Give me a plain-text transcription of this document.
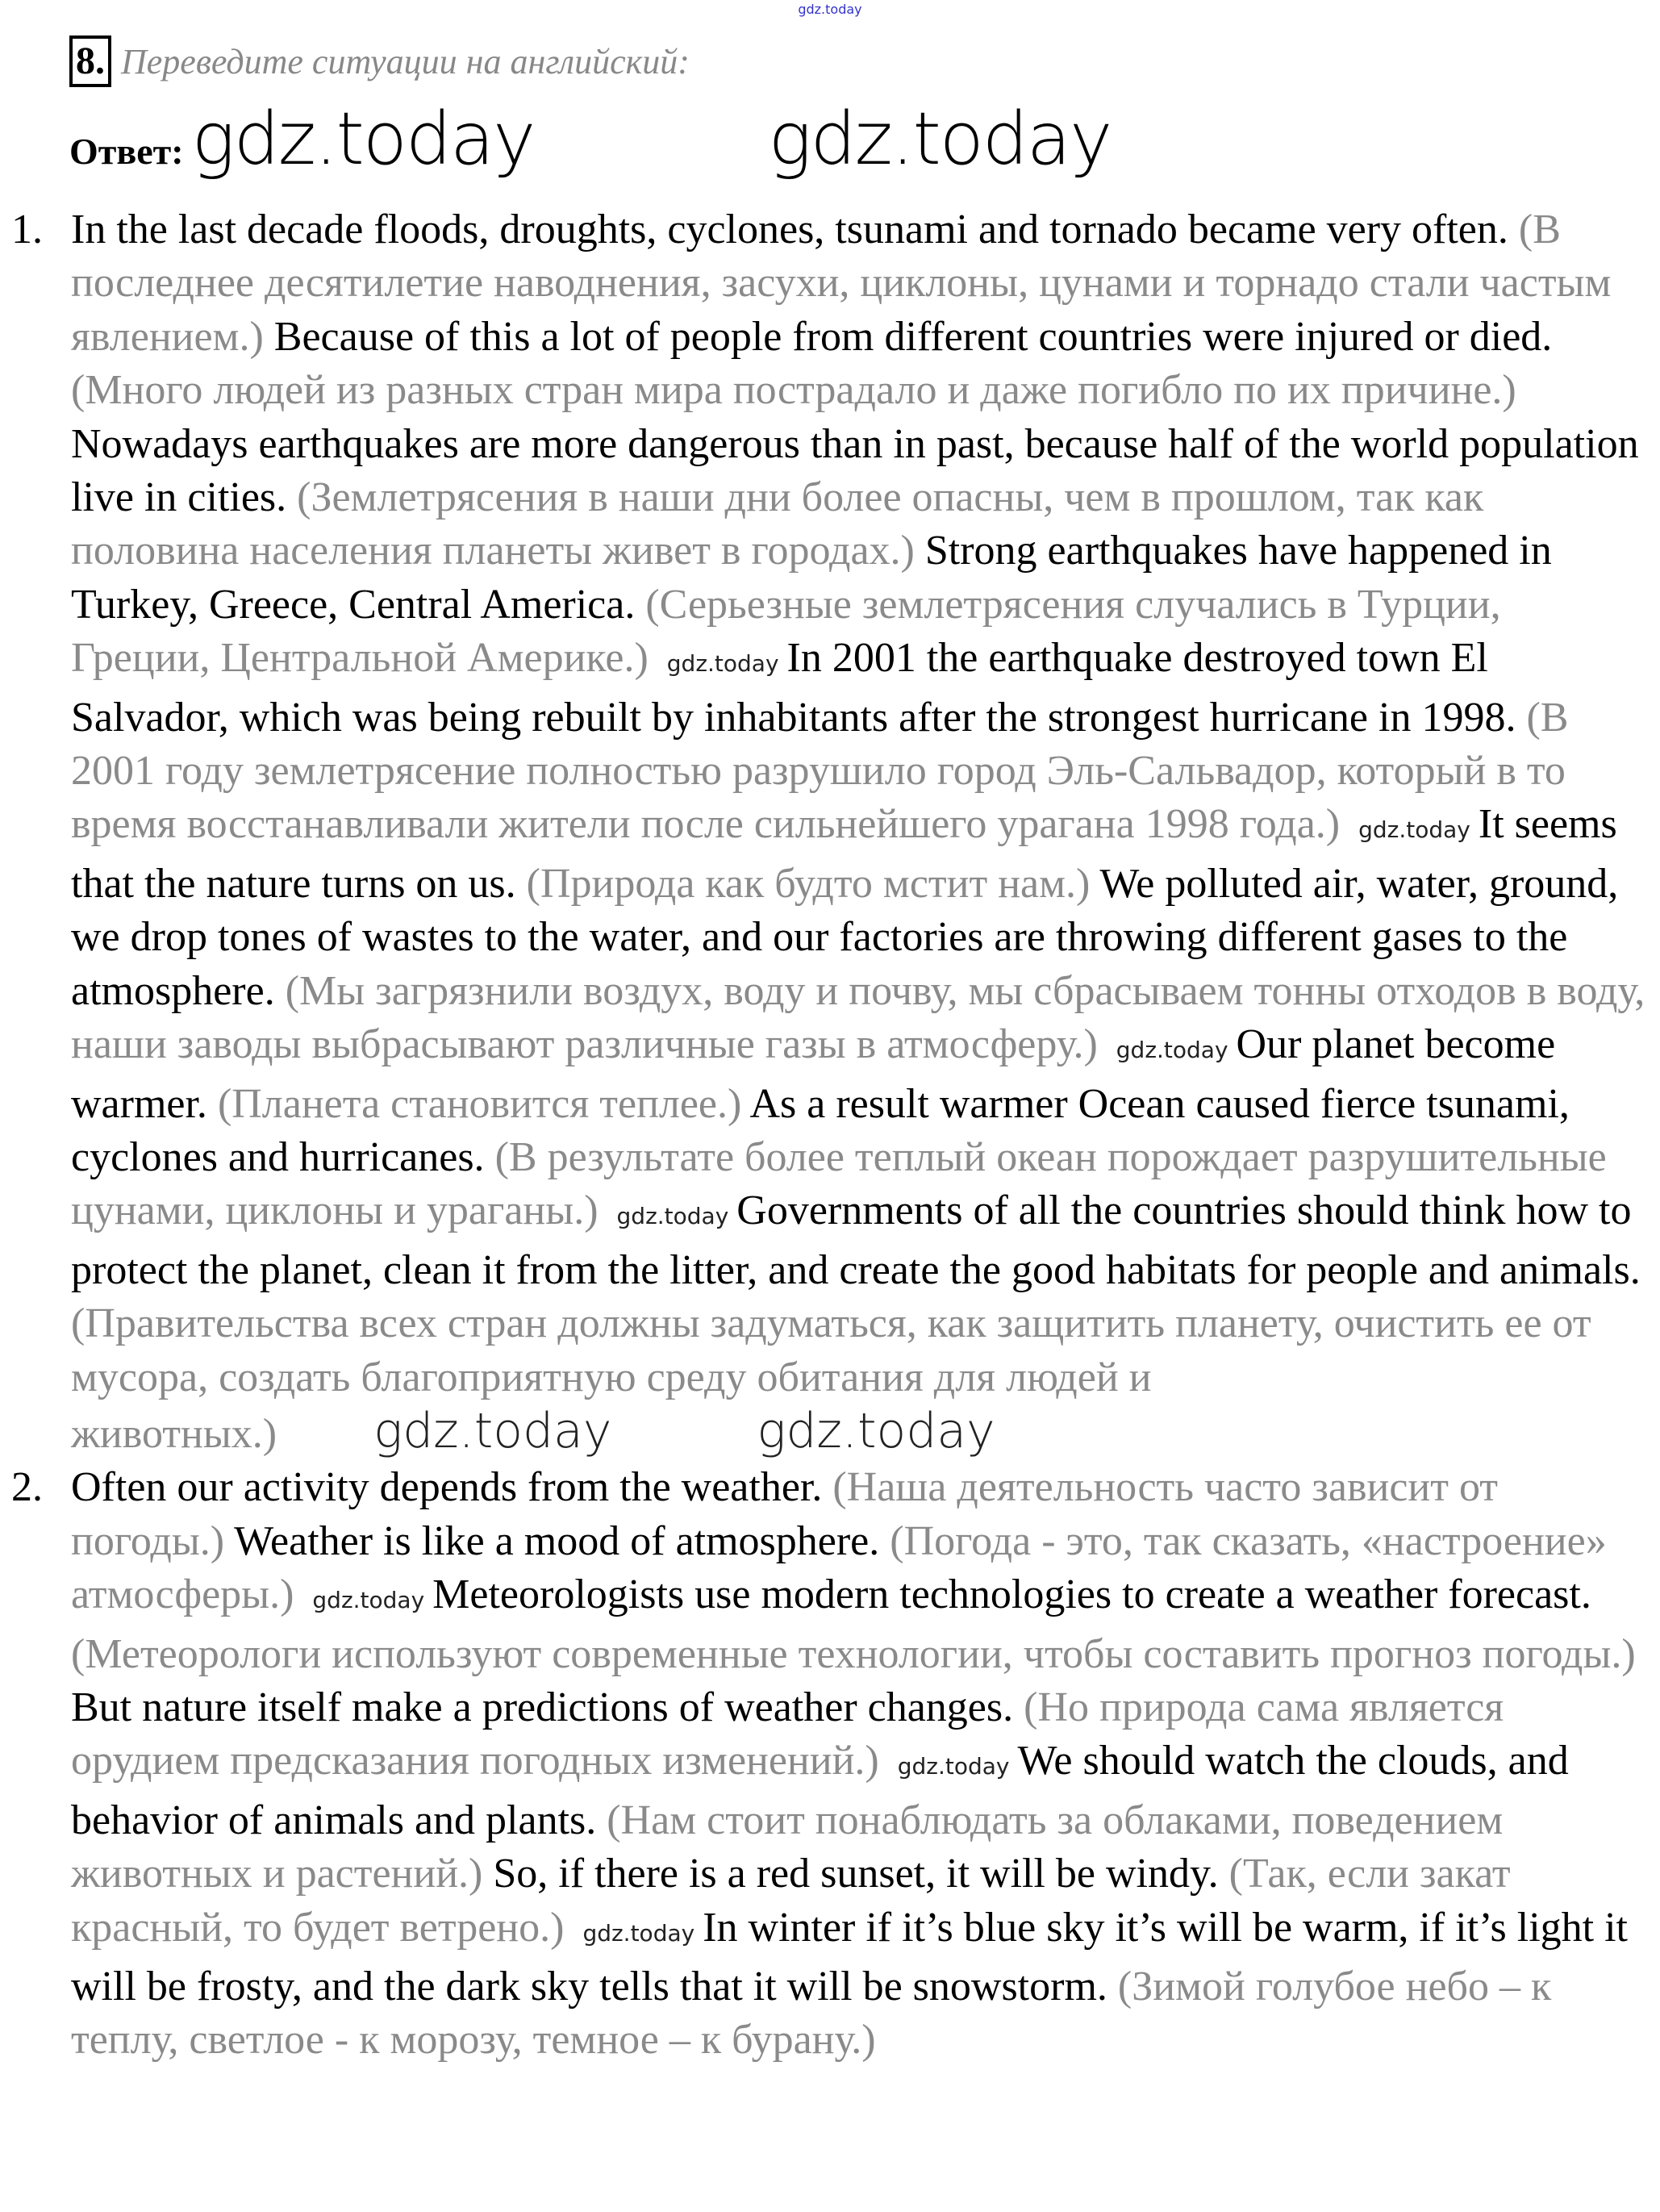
gdz.today
8. Переведите ситуации на английский:
Ответ: gdz.today	gdz.today
1. In the last decade floods, droughts, cyclones, tsunami and tornado became very often. (В последнее десятилетие наводнения, засухи, циклоны, цунами и торнадо стали частым явлением.) Because of this a lot of people from different countries were injured or died. (Много людей из разных стран мира пострадало и даже погибло по их причине.) Nowadays earthquakes are more dangerous than in past, because half of the world population live in cities. (Землетрясения в наши дни более опасны, чем в прошлом, так как половина населения планеты живет в городах.) Strong earthquakes have happened in Turkey, Greece, Central America. (Серьезные землетрясения случались в Турции, Греции, Центральной Америке.) gdz.today In 2001 the earthquake destroyed town El Salvador, which was being rebuilt by inhabitants after the strongest hurricane in 1998. (В 2001 году землетрясение полностью разрушило город Эль-Сальвадор, который в то время восстанавливали жители после сильнейшего урагана 1998 года.) gdz.today It seems that the nature turns on us. (Природа как будто мстит нам.) We polluted air, water, ground, we drop tones of wastes to the water, and our factories are throwing different gases to the atmosphere. (Мы загрязнили воздух, воду и почву, мы сбрасываем тонны отходов в воду, наши заводы выбрасывают различные газы в атмосферу.) gdz.today Our planet become warmer. (Планета становится теплее.) As a result warmer Ocean caused fierce tsunami, cyclones and hurricanes. (В результате более теплый океан порождает разрушительные цунами, циклоны и ураганы.) gdz.today Governments of all the countries should think how to protect the planet, clean it from the litter, and create the good habitats for people and animals. (Правительства всех стран должны задуматься, как защитить планету, очистить ее от мусора, создать благоприятную среду обитания для людей и животных.) gdz.today	gdz.today
2. Often our activity depends from the weather. (Наша деятельность часто зависит от погоды.) Weather is like a mood of atmosphere. (Погода - это, так сказать, «настроение» атмосферы.) gdz.today Meteorologists use modern technologies to create a weather forecast. (Метеорологи используют современные технологии, чтобы составить прогноз погоды.) But nature itself make a predictions of weather changes. (Но природа сама является орудием предсказания погодных изменений.) gdz.today We should watch the clouds, and behavior of animals and plants. (Нам стоит понаблюдать за облаками, поведением животных и растений.) So, if there is a red sunset, it will be windy. (Так, если закат красный, то будет ветрено.) gdz.today In winter if it’s blue sky it’s will be warm, if it’s light it will be frosty, and the dark sky tells that it will be snowstorm. (Зимой голубое небо – к теплу, светлое - к морозу, темное – к бурану.)
